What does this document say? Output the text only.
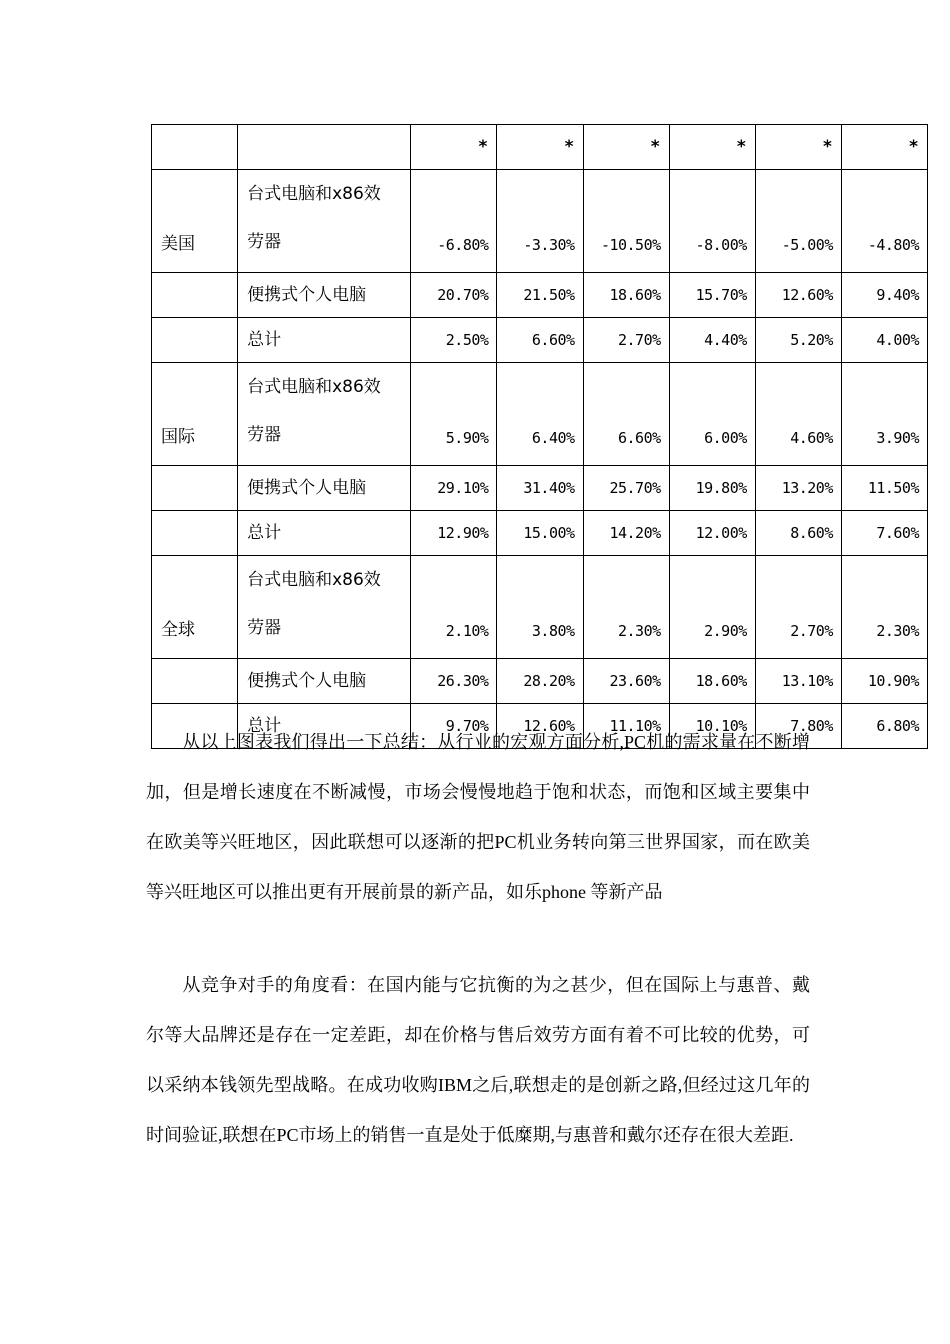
		*	*	*	*	*	*
美国	台式电脑和x86效劳器	-6.80%	-3.30%	-10.50%	-8.00%	-5.00%	-4.80%

	便携式个人电脑	20.70%	21.50%	18.60%	15.70%	12.60%	9.40%

	总计	2.50%	6.60%	2.70%	4.40%	5.20%	4.00%
国际	台式电脑和x86效劳器	5.90%	6.40%	6.60%	6.00%	4.60%	3.90%

	便携式个人电脑	29.10%	31.40%	25.70%	19.80%	13.20%	11.50%

	总计	12.90%	15.00%	14.20%	12.00%	8.60%	7.60%
全球	台式电脑和x86效劳器	2.10%	3.80%	2.30%	2.90%	2.70%	2.30%

	便携式个人电脑	26.30%	28.20%	23.60%	18.60%	13.10%	10.90%

	总计	9.70%	12.60%	11.10%	10.10%	7.80%	6.80%
从以上图表我们得出一下总结：从行业的宏观方面分析,PC机的需求量在不断增加，但是增长速度在不断减慢，市场会慢慢地趋于饱和状态，而饱和区域主要集中在欧美等兴旺地区，因此联想可以逐渐的把PC机业务转向第三世界国家，而在欧美等兴旺地区可以推出更有开展前景的新产品，如乐phone 等新产品
从竞争对手的角度看：在国内能与它抗衡的为之甚少，但在国际上与惠普、戴尔等大品牌还是存在一定差距，却在价格与售后效劳方面有着不可比较的优势，可以采纳本钱领先型战略。在成功收购IBM之后,联想走的是创新之路,但经过这几年的时间验证,联想在PC市场上的销售一直是处于低糜期,与惠普和戴尔还存在很大差距.
